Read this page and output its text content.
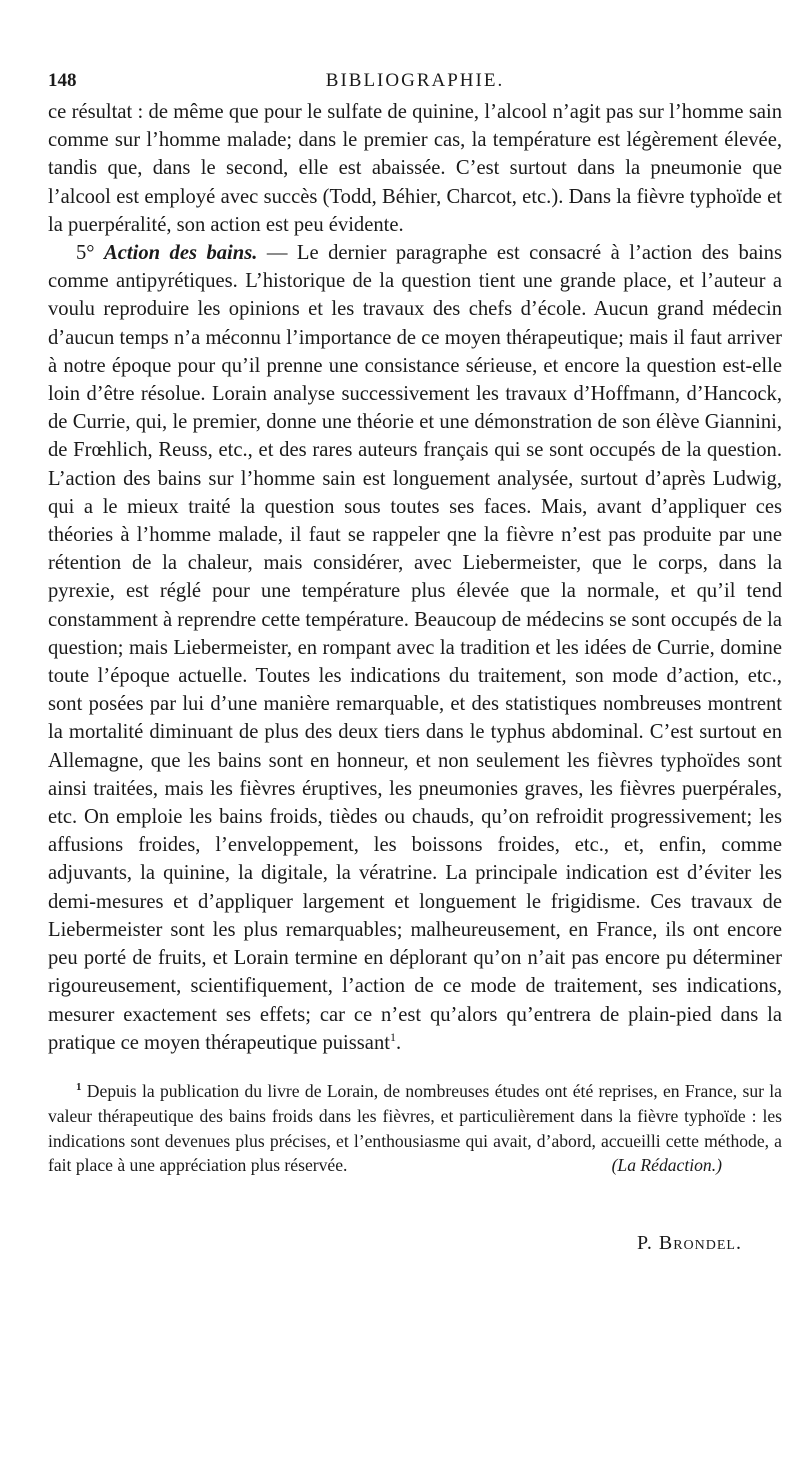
148	BIBLIOGRAPHIE.

ce résultat : de même que pour le sulfate de quinine, l’alcool n’agit pas sur l’homme sain comme sur l’homme malade; dans le premier cas, la température est légèrement élevée, tandis que, dans le second, elle est abaissée. C’est surtout dans la pneumonie que l’alcool est employé avec succès (Todd, Béhier, Charcot, etc.). Dans la fièvre typhoïde et la puerpéralité, son action est peu évidente.

5° Action des bains. — Le dernier paragraphe est consacré à l’action des bains comme antipyrétiques. L’historique de la question tient une grande place, et l’auteur a voulu reproduire les opinions et les travaux des chefs d’école. Aucun grand médecin d’aucun temps n’a méconnu l’importance de ce moyen thérapeutique; mais il faut arriver à notre époque pour qu’il prenne une consistance sérieuse, et encore la question est-elle loin d’être résolue. Lorain analyse successivement les travaux d’Hoffmann, d’Hancock, de Currie, qui, le premier, donne une théorie et une démonstration de son élève Giannini, de Frœhlich, Reuss, etc., et des rares auteurs français qui se sont occupés de la question. L’action des bains sur l’homme sain est longuement analysée, surtout d’après Ludwig, qui a le mieux traité la question sous toutes ses faces. Mais, avant d’appliquer ces théories à l’homme malade, il faut se rappeler qne la fièvre n’est pas produite par une rétention de la chaleur, mais considérer, avec Liebermeister, que le corps, dans la pyrexie, est réglé pour une température plus élevée que la normale, et qu’il tend constamment à reprendre cette température. Beaucoup de médecins se sont occupés de la question; mais Liebermeister, en rompant avec la tradition et les idées de Currie, domine toute l’époque actuelle. Toutes les indications du traitement, son mode d’action, etc., sont posées par lui d’une manière remarquable, et des statistiques nombreuses montrent la mortalité diminuant de plus des deux tiers dans le typhus abdominal. C’est surtout en Allemagne, que les bains sont en honneur, et non seulement les fièvres typhoïdes sont ainsi traitées, mais les fièvres éruptives, les pneumonies graves, les fièvres puerpérales, etc. On emploie les bains froids, tièdes ou chauds, qu’on refroidit progressivement; les affusions froides, l’enveloppement, les boissons froides, etc., et, enfin, comme adjuvants, la quinine, la digitale, la vératrine. La principale indication est d’éviter les demi-mesures et d’appliquer largement et longuement le frigidisme. Ces travaux de Liebermeister sont les plus remarquables; malheureusement, en France, ils ont encore peu porté de fruits, et Lorain termine en déplorant qu’on n’ait pas encore pu déterminer rigoureusement, scientifiquement, l’action de ce mode de traitement, ses indications, mesurer exactement ses effets; car ce n’est qu’alors qu’entrera de plain-pied dans la pratique ce moyen thérapeutique puissant$^1$.

$^1$ Depuis la publication du livre de Lorain, de nombreuses études ont été reprises, en France, sur la valeur thérapeutique des bains froids dans les fièvres, et particulièrement dans la fièvre typhoïde : les indications sont devenues plus précises, et l’enthousiasme qui avait, d’abord, accueilli cette méthode, a fait place à une appréciation plus réservée.	(La Rédaction.)
P. Brondel.
